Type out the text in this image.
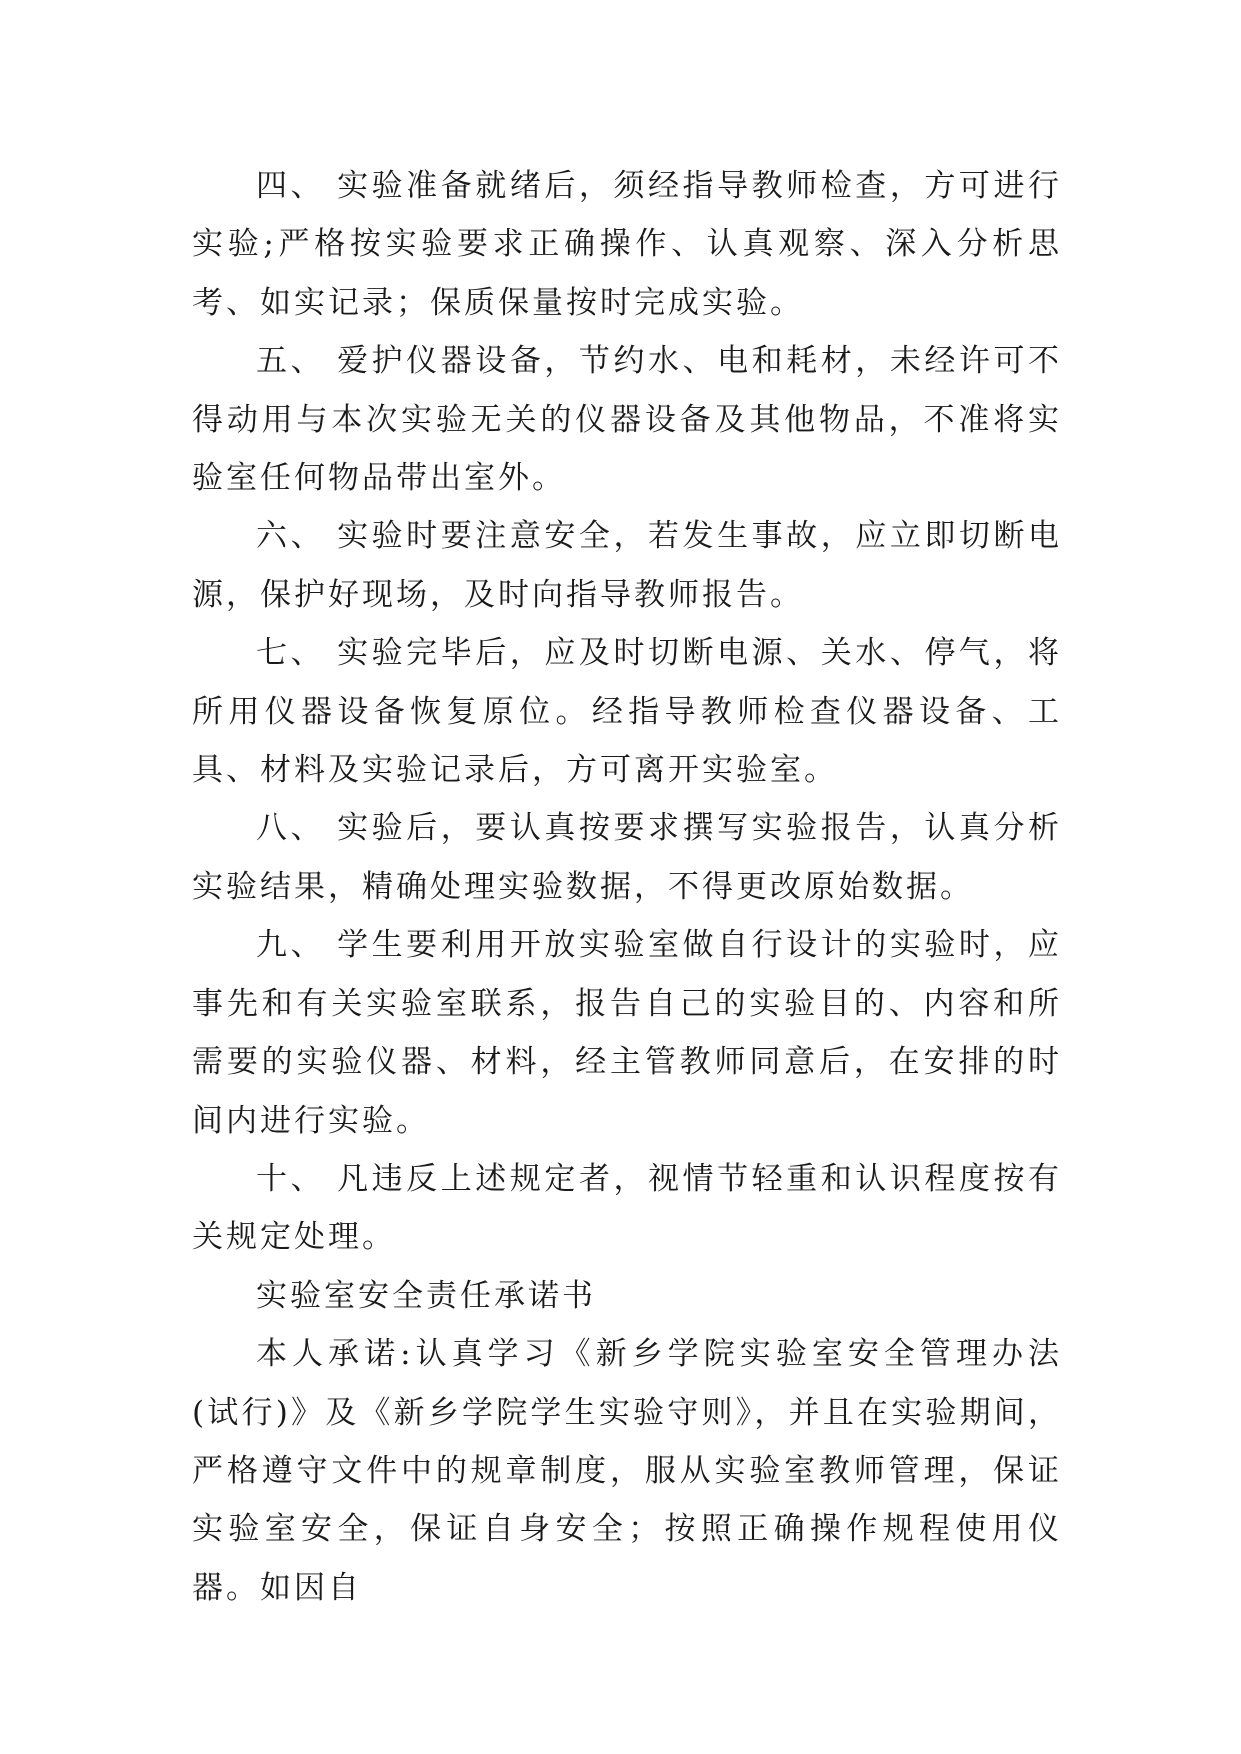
四、 实验准备就绪后，须经指导教师检查，方可进行实验;严格按实验要求正确操作、认真观察、深入分析思考、如实记录；保质保量按时完成实验。

五、 爱护仪器设备，节约水、电和耗材，未经许可不得动用与本次实验无关的仪器设备及其他物品，不准将实验室任何物品带出室外。

六、 实验时要注意安全，若发生事故，应立即切断电源，保护好现场，及时向指导教师报告。

七、 实验完毕后，应及时切断电源、关水、停气，将所用仪器设备恢复原位。经指导教师检查仪器设备、工具、材料及实验记录后，方可离开实验室。

八、 实验后，要认真按要求撰写实验报告，认真分析实验结果，精确处理实验数据，不得更改原始数据。

九、 学生要利用开放实验室做自行设计的实验时，应事先和有关实验室联系，报告自己的实验目的、内容和所需要的实验仪器、材料，经主管教师同意后，在安排的时间内进行实验。

十、 凡违反上述规定者，视情节轻重和认识程度按有关规定处理。

实验室安全责任承诺书

本人承诺:认真学习《新乡学院实验室安全管理办法(试行)》及《新乡学院学生实验守则》，并且在实验期间，严格遵守文件中的规章制度，服从实验室教师管理，保证实验室安全，保证自身安全；按照正确操作规程使用仪器。如因自
